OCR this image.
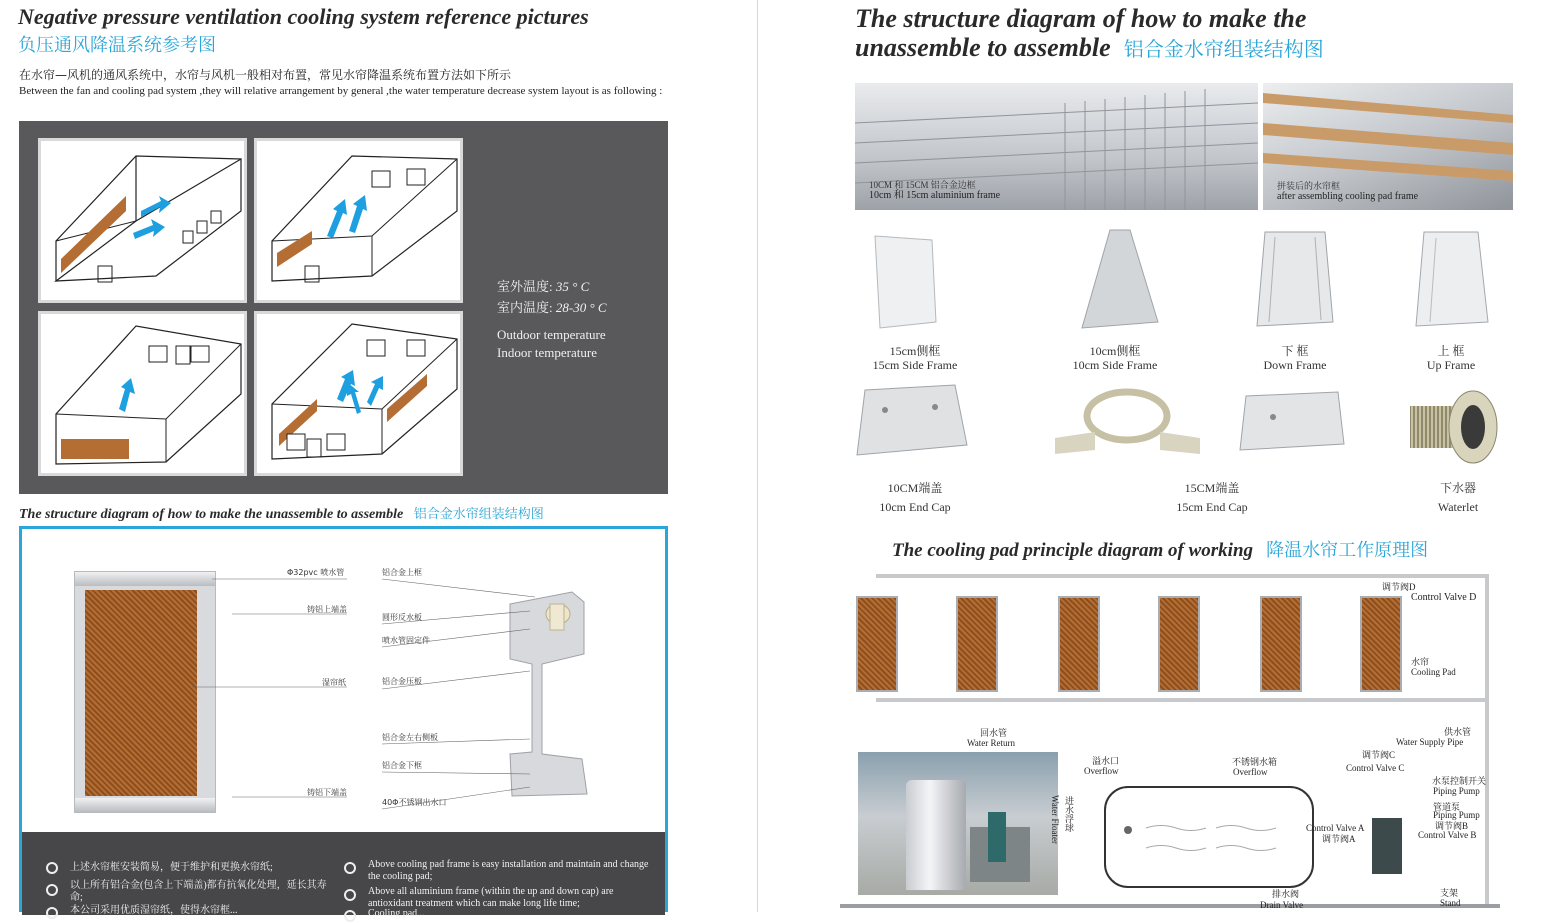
Negative pressure ventilation cooling system reference pictures
负压通风降温系统参考图
在水帘—风机的通风系统中，水帘与风机一般相对布置，常见水帘降温系统布置方法如下所示
Between the fan and cooling pad system ,they will relative arrangement by general ,the water temperature decrease system layout is as following :
室外温度: 35 ° C
室内温度: 28-30 ° C
Outdoor temperature
Indoor temperature
The structure diagram of how to make the unassemble to assemble 铝合金水帘组装结构图
Φ32pvc 喷水管
铸铝上端盖
湿帘纸
铸铝下端盖
铝合金上框
圆形反水板
喷水管固定件
铝合金压板
铝合金左右侧板
铝合金下框
40Φ不锈钢出水口
上述水帘框安装简易，便于维护和更换水帘纸;
以上所有铝合金(包含上下端盖)都有抗氧化处理，延长其寿命;
本公司采用优质湿帘纸，使得水帘框...
Above cooling pad frame is easy installation and maintain and change the cooling pad;
Above all aluminium frame (within the up and down cap) are antioxidant treatment which can make long life time;
Cooling pad...
The structure diagram of how to make the
unassemble to assemble 铝合金水帘组装结构图
10CM 和 15CM 铝合金边框
10cm 和 15cm aluminium frame
拼装后的水帘框
after assembling cooling pad frame
15cm侧框
15cm Side Frame
10cm侧框
10cm Side Frame
下 框
Down Frame
上 框
Up Frame
10CM端盖
10cm End Cap
15CM端盖
15cm End Cap
下水器
Waterlet
The cooling pad principle diagram of working 降温水帘工作原理图
调节阀D
Control Valve D
水帘
Cooling Pad
回水管
Water Return
供水管
Water Supply Pipe
溢水口
Overflow
不锈钢水箱
Overflow
调节阀C
Control Valve C
水泵控制开关
Piping Pump
管道泵
Piping Pump
调节阀B
Control Valve B
进水浮球
Water Floater	Control Valve A
调节阀A
排水阀
Drain Valve
支架
Stand
